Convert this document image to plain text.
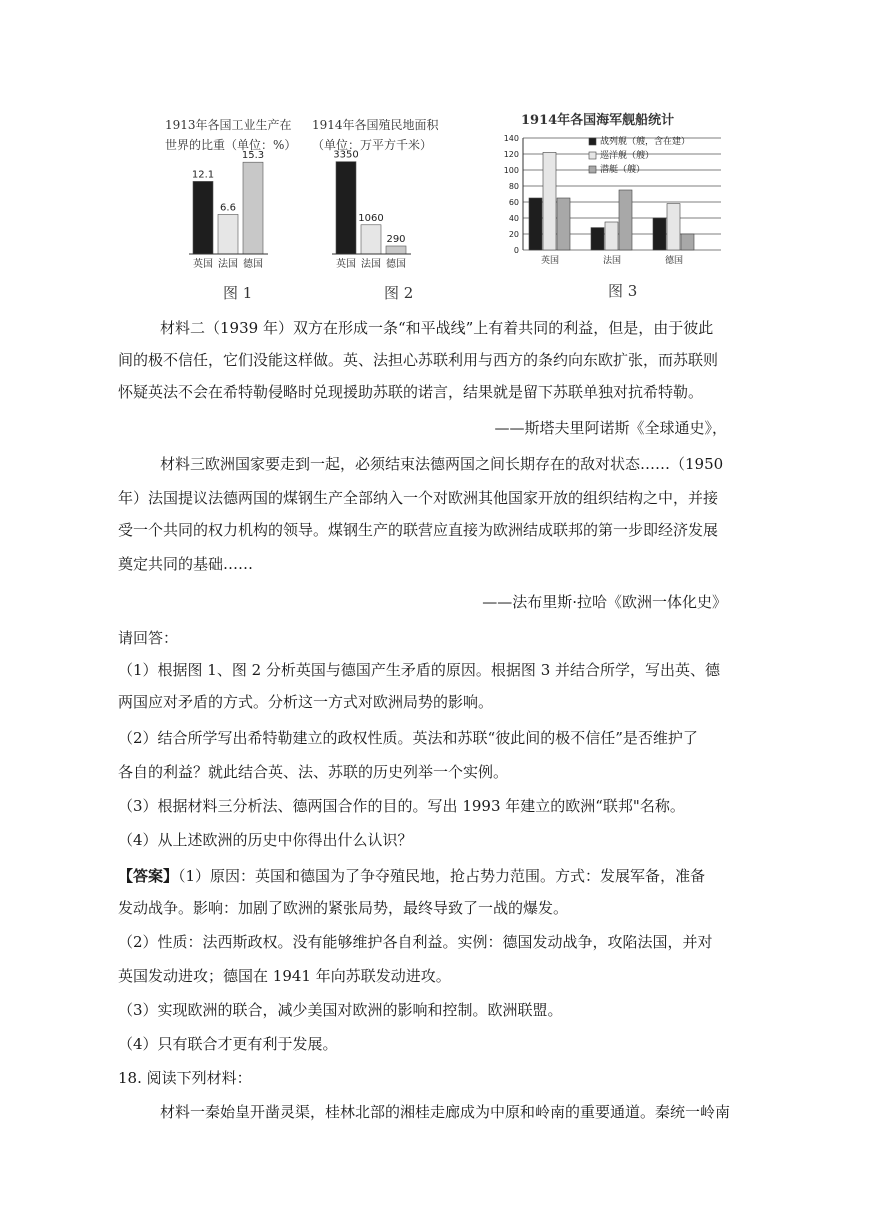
1913年各国工业生产在
世界的比重（单位：%）
12.1
英国
6.6
法国
15.3
德国
图 1
1914年各国殖民地面积
（单位：万平方千米）
3350
英国
1060
法国
290
德国
图 2
1914年各国海军舰船统计
0
20
40
60
80
100
120
140
英国	法国	德国
战列舰（艘，含在建）
巡洋舰（艘）
潜艇（艘）
图 3
材料二（1939 年）双方在形成一条“和平战线”上有着共同的利益，但是，由于彼此
间的极不信任，它们没能这样做。英、法担心苏联利用与西方的条约向东欧扩张，而苏联则
怀疑英法不会在希特勒侵略时兑现援助苏联的诺言，结果就是留下苏联单独对抗希特勒。
——斯塔夫里阿诺斯《全球通史》，
材料三欧洲国家要走到一起，必须结束法德两国之间长期存在的敌对状态……（1950
年）法国提议法德两国的煤钢生产全部纳入一个对欧洲其他国家开放的组织结构之中，并接
受一个共同的权力机构的领导。煤钢生产的联营应直接为欧洲结成联邦的第一步即经济发展
奠定共同的基础……
——法布里斯·拉哈《欧洲一体化史》
请回答：
（1）根据图 1、图 2 分析英国与德国产生矛盾的原因。根据图 3 并结合所学，写出英、德
两国应对矛盾的方式。分析这一方式对欧洲局势的影响。
（2）结合所学写出希特勒建立的政权性质。英法和苏联“彼此间的极不信任”是否维护了
各自的利益？就此结合英、法、苏联的历史列举一个实例。
（3）根据材料三分析法、德两国合作的目的。写出 1993 年建立的欧洲“联邦"名称。
（4）从上述欧洲的历史中你得出什么认识？
【答案】（1）原因：英国和德国为了争夺殖民地，抢占势力范围。方式：发展军备，准备
发动战争。影响：加剧了欧洲的紧张局势，最终导致了一战的爆发。
（2）性质：法西斯政权。没有能够维护各自利益。实例：德国发动战争，攻陷法国，并对
英国发动进攻；德国在 1941 年向苏联发动进攻。
（3）实现欧洲的联合，减少美国对欧洲的影响和控制。欧洲联盟。
（4）只有联合才更有利于发展。
18. 阅读下列材料：
材料一秦始皇开凿灵渠，桂林北部的湘桂走廊成为中原和岭南的重要通道。秦统一岭南
